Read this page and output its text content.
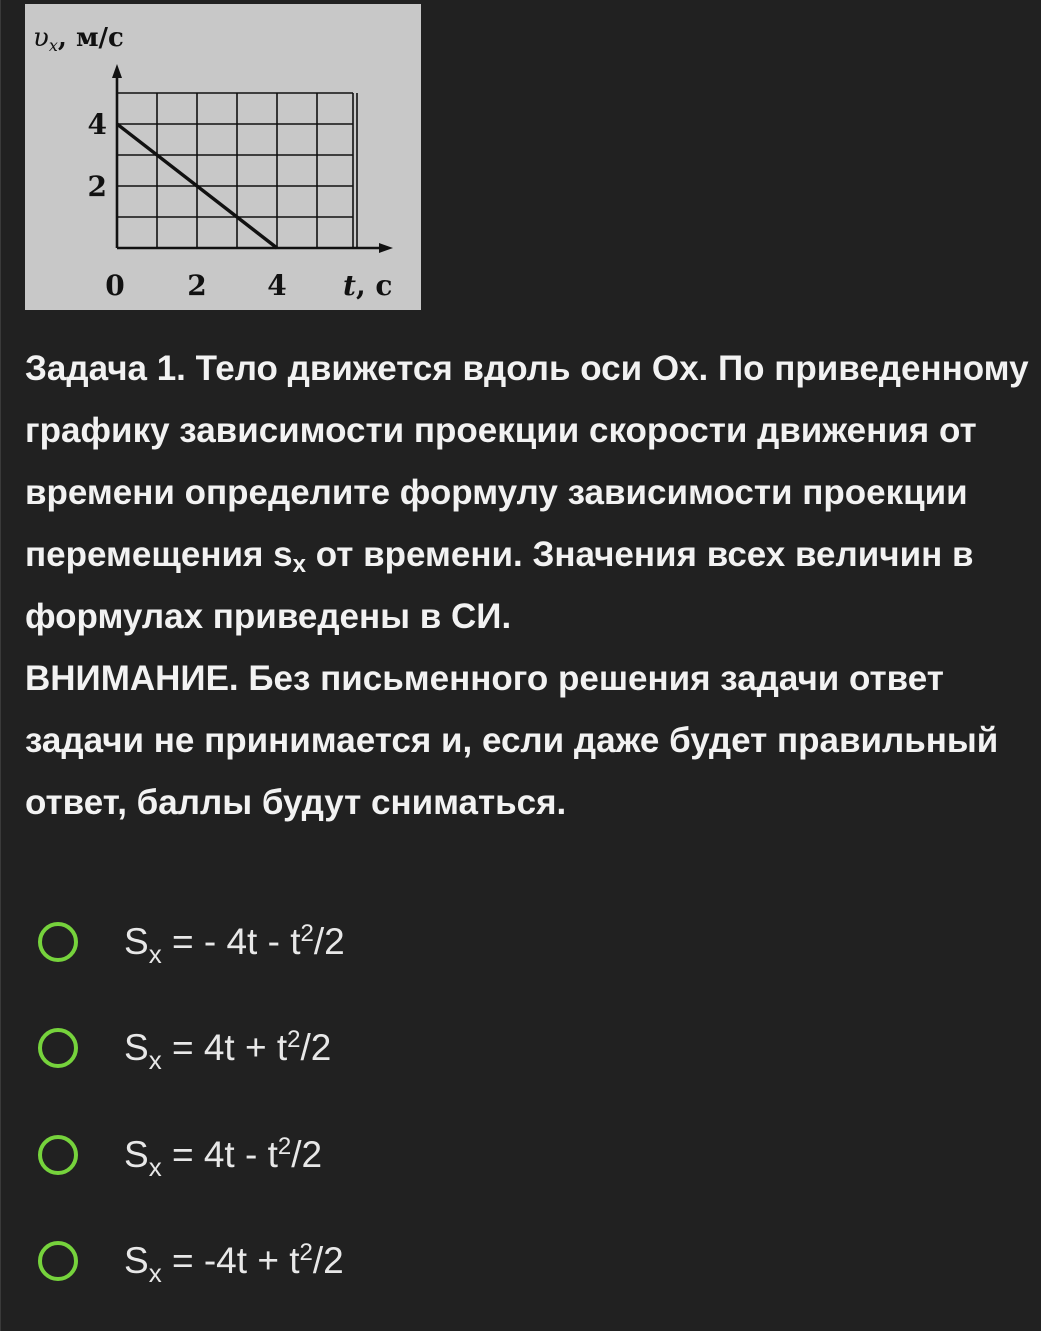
0 2 4
2
4
υx, м/с
t, с

Задача 1. Тело движется вдоль оси Ox. По приведенному графику зависимости проекции скорости движения от времени определите формулу зависимости проекции перемещения $s_x$ от времени. Значения всех величин в формулах приведены в СИ.

ВНИМАНИЕ. Без письменного решения задачи ответ задачи не принимается и, если даже будет правильный ответ, баллы будут сниматься.

$S_x$ = - $4t - t^2/2$
$S_x = 4t + t^2/2$
$S_x = 4t - t^2/2$
$S_x = -4t + t^2/2$
